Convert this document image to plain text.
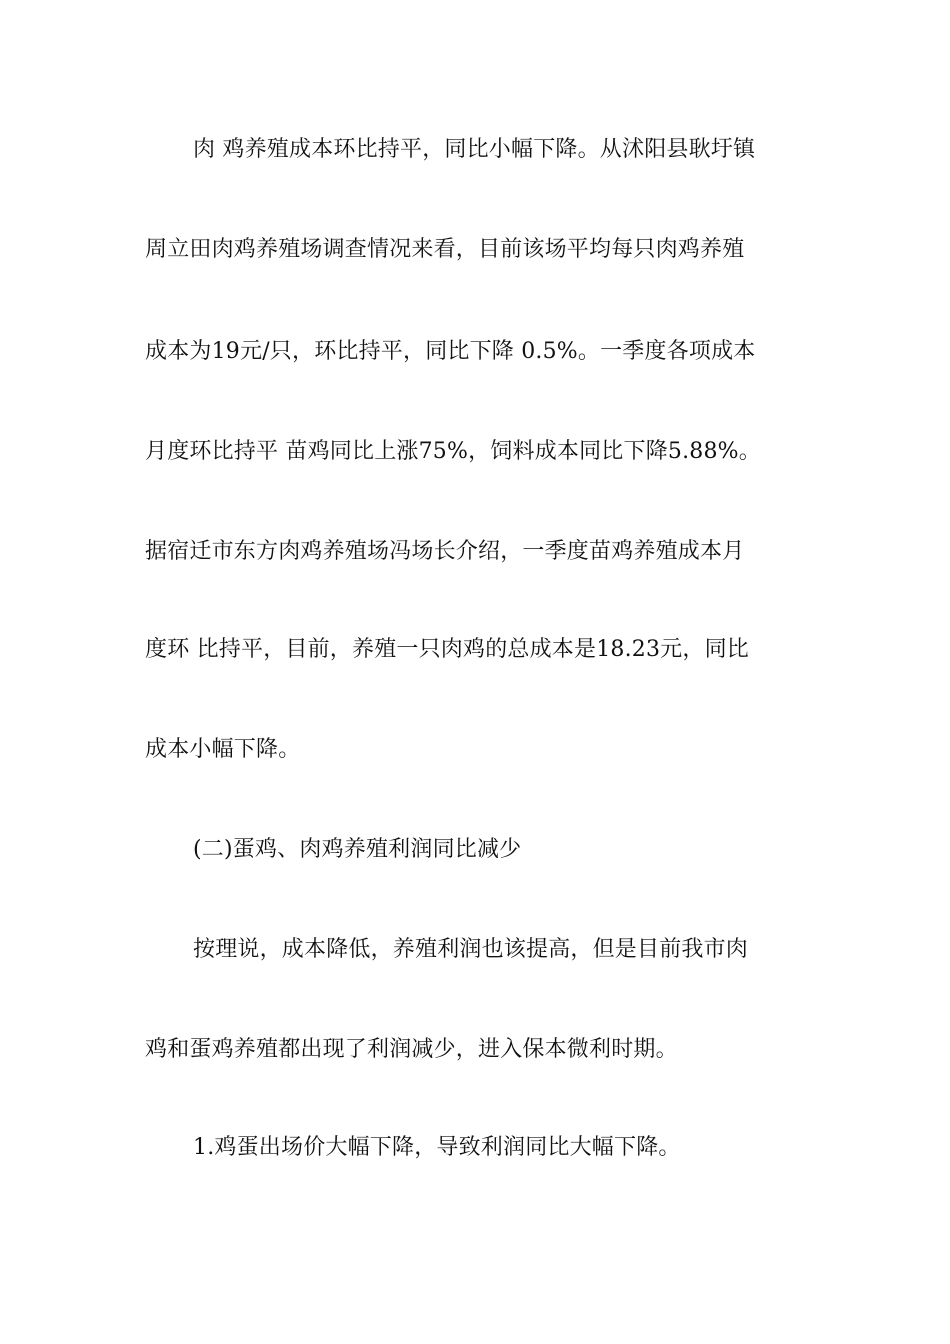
肉 鸡养殖成本环比持平，同比小幅下降。从沭阳县耿圩镇
周立田肉鸡养殖场调查情况来看，目前该场平均每只肉鸡养殖
成本为19元/只，环比持平，同比下降 0.5%。一季度各项成本
月度环比持平 苗鸡同比上涨75%，饲料成本同比下降5.88%。
据宿迁市东方肉鸡养殖场冯场长介绍，一季度苗鸡养殖成本月
度环 比持平，目前，养殖一只肉鸡的总成本是18.23元，同比
成本小幅下降。
(二)蛋鸡、肉鸡养殖利润同比减少
按理说，成本降低，养殖利润也该提高，但是目前我市肉
鸡和蛋鸡养殖都出现了利润减少，进入保本微利时期。
1.鸡蛋出场价大幅下降，导致利润同比大幅下降。
